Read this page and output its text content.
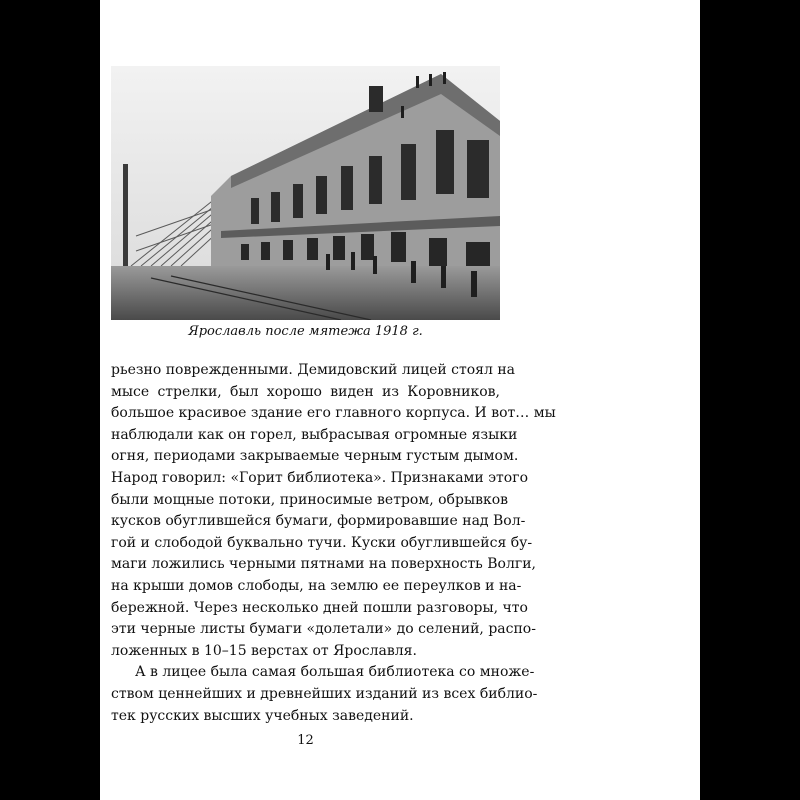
Ярославль после мятежа 1918 г.
рьезно поврежденными. Демидовский лицей стоял на
мысе стрелки, был хорошо виден из Коровников,
большое красивое здание его главного корпуса. И вот… мы
наблюдали как он горел, выбрасывая огромные языки
огня, периодами закрываемые черным густым дымом.
Народ говорил: «Горит библиотека». Признаками этого
были мощные потоки, приносимые ветром, обрывков
кусков обуглившейся бумаги, формировавшие над Вол-
гой и слободой буквально тучи. Куски обуглившейся бу-
маги ложились черными пятнами на поверхность Волги,
на крыши домов слободы, на землю ее переулков и на-
бережной. Через несколько дней пошли разговоры, что
эти черные листы бумаги «долетали» до селений, распо-
ложенных в 10–15 верстах от Ярославля.
А в лицее была самая большая библиотека со множе-
ством ценнейших и древнейших изданий из всех библио-
тек русских высших учебных заведений.
12
